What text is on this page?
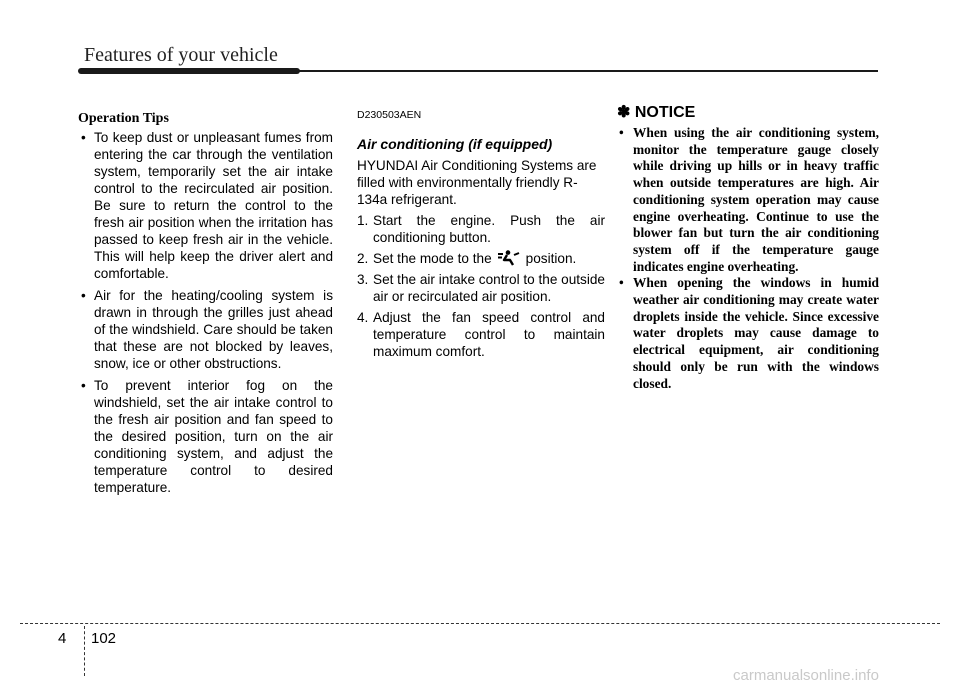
Features of your vehicle
Operation Tips
• To keep dust or unpleasant fumes from entering the car through the ventilation system, temporarily set the air intake control to the recirculated air position. Be sure to return the control to the fresh air position when the irritation has passed to keep fresh air in the vehicle. This will help keep the driver alert and comfortable.
• Air for the heating/cooling system is drawn in through the grilles just ahead of the windshield. Care should be taken that these are not blocked by leaves, snow, ice or other obstructions.
• To prevent interior fog on the windshield, set the air intake control to the fresh air position and fan speed to the desired position, turn on the air conditioning system, and adjust the temperature control to desired temperature.
D230503AEN
Air conditioning (if equipped)
HYUNDAI Air Conditioning Systems are filled with environmentally friendly R-134a refrigerant.
1. Start the engine. Push the air conditioning button.
2. Set the mode to the	position.
3. Set the air intake control to the outside air or recirculated air position.
4. Adjust the fan speed control and temperature control to maintain maximum comfort.
✽ NOTICE
• When using the air conditioning system, monitor the temperature gauge closely while driving up hills or in heavy traffic when outside temperatures are high. Air conditioning system operation may cause engine overheating. Continue to use the blower fan but turn the air conditioning system off if the temperature gauge indicates engine overheating.
• When opening the windows in humid weather air conditioning may create water droplets inside the vehicle. Since excessive water droplets may cause damage to electrical equipment, air conditioning should only be run with the windows closed.
4 102
carmanualsonline.info
